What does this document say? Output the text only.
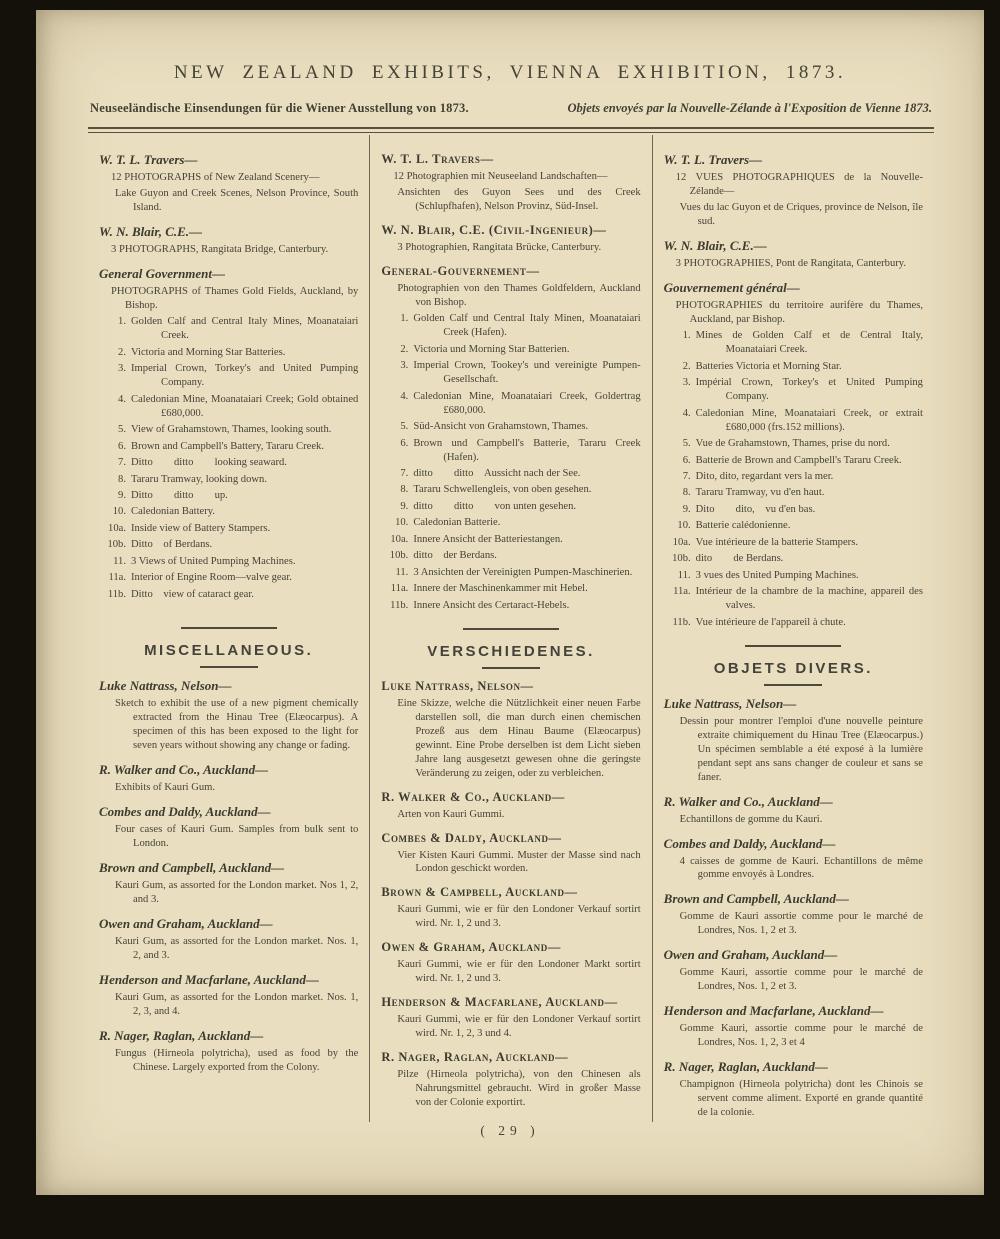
NEW ZEALAND EXHIBITS, VIENNA EXHIBITION, 1873.
Neuseeländische Einsendungen für die Wiener Ausstellung von 1873.	Objets envoyés par la Nouvelle-Zélande à l'Exposition de Vienne 1873.
W. T. L. Travers—
12 PHOTOGRAPHS of New Zealand Scenery—
Lake Guyon and Creek Scenes, Nelson Province, South Island.
W. N. Blair, C.E.—
3 PHOTOGRAPHS, Rangitata Bridge, Canterbury.
General Government—
PHOTOGRAPHS of Thames Gold Fields, Auckland, by Bishop.
1. Golden Calf and Central Italy Mines, Moanataiari Creek.
2. Victoria and Morning Star Batteries.
3. Imperial Crown, Torkey's and United Pumping Company.
4. Caledonian Mine, Moanataiari Creek; Gold obtained £680,000.
5. View of Grahamstown, Thames, looking south.
6. Brown and Campbell's Battery, Tararu Creek.
7. Ditto  ditto  looking seaward.
8. Tararu Tramway, looking down.
9. Ditto  ditto  up.
10. Caledonian Battery.
10a. Inside view of Battery Stampers.
10b. Ditto of Berdans.
11. 3 Views of United Pumping Machines.
11a. Interior of Engine Room—valve gear.
11b. Ditto view of cataract gear.
MISCELLANEOUS.
Luke Nattrass, Nelson—
Sketch to exhibit the use of a new pigment chemically extracted from the Hinau Tree (Elæocarpus). A specimen of this has been exposed to the light for seven years without showing any change or fading.
R. Walker and Co., Auckland—
Exhibits of Kauri Gum.
Combes and Daldy, Auckland—
Four cases of Kauri Gum. Samples from bulk sent to London.
Brown and Campbell, Auckland—
Kauri Gum, as assorted for the London market. Nos 1, 2, and 3.
Owen and Graham, Auckland—
Kauri Gum, as assorted for the London market. Nos. 1, 2, and 3.
Henderson and Macfarlane, Auckland—
Kauri Gum, as assorted for the London market. Nos. 1, 2, 3, and 4.
R. Nager, Raglan, Auckland—
Fungus (Hirneola polytricha), used as food by the Chinese. Largely exported from the Colony.
W. T. L. Travers—
12 Photographien mit Neuseeland Landschaften—
Ansichten des Guyon Sees und des Creek (Schlupfhafen), Nelson Provinz, Süd-Insel.
W. N. Blair, C.E. (Civil-Ingenieur)—
3 Photographien, Rangitata Brücke, Canterbury.
General-Gouvernement—
Photographien von den Thames Goldfeldern, Auckland von Bishop.
1. Golden Calf und Central Italy Minen, Moanataiari Creek (Hafen).
2. Victoria und Morning Star Batterien.
3. Imperial Crown, Tookey's und vereinigte Pumpen-Gesellschaft.
4. Caledonian Mine, Moanataiari Creek, Goldertrag £680,000.
5. Süd-Ansicht von Grahamstown, Thames.
6. Brown und Campbell's Batterie, Tararu Creek (Hafen).
7. ditto  ditto Aussicht nach der See.
8. Tararu Schwellengleis, von oben gesehen.
9. ditto  ditto  von unten gesehen.
10. Caledonian Batterie.
10a. Innere Ansicht der Batteriestangen.
10b. ditto der Berdans.
11. 3 Ansichten der Vereinigten Pumpen-Maschinerien.
11a. Innere der Maschinenkammer mit Hebel.
11b. Innere Ansicht des Certaract-Hebels.
VERSCHIEDENES.
Luke Nattrass, Nelson—
Eine Skizze, welche die Nützlichkeit einer neuen Farbe darstellen soll, die man durch einen chemischen Prozeß aus dem Hinau Baume (Elæocarpus) gewinnt. Eine Probe derselben ist dem Licht sieben Jahre lang ausgesetzt gewesen ohne die geringste Veränderung zu zeigen, oder zu verbleichen.
R. Walker & Co., Auckland—
Arten von Kauri Gummi.
Combes & Daldy, Auckland—
Vier Kisten Kauri Gummi. Muster der Masse sind nach London geschickt worden.
Brown & Campbell, Auckland—
Kauri Gummi, wie er für den Londoner Verkauf sortirt wird. Nr. 1, 2 und 3.
Owen & Graham, Auckland—
Kauri Gummi, wie er für den Londoner Markt sortirt wird. Nr. 1, 2 und 3.
Henderson & Macfarlane, Auckland—
Kauri Gummi, wie er für den Londoner Verkauf sortirt wird. Nr. 1, 2, 3 und 4.
R. Nager, Raglan, Auckland—
Pilze (Hirneola polytricha), von den Chinesen als Nahrungsmittel gebraucht. Wird in großer Masse von der Colonie exportirt.
W. T. L. Travers—
12 VUES PHOTOGRAPHIQUES de la Nouvelle-Zélande—
Vues du lac Guyon et de Criques, province de Nelson, île sud.
W. N. Blair, C.E.—
3 PHOTOGRAPHIES, Pont de Rangitata, Canterbury.
Gouvernement général—
PHOTOGRAPHIES du territoire aurifère du Thames, Auckland, par Bishop.
1. Mines de Golden Calf et de Central Italy, Moanataiari Creek.
2. Batteries Victoria et Morning Star.
3. Impérial Crown, Torkey's et United Pumping Company.
4. Caledonian Mine, Moanataiari Creek, or extrait £680,000 (frs.152 millions).
5. Vue de Grahamstown, Thames, prise du nord.
6. Batterie de Brown and Campbell's Tararu Creek.
7. Dito, dito, regardant vers la mer.
8. Tararu Tramway, vu d'en haut.
9. Dito  dito, vu d'en bas.
10. Batterie calédonienne.
10a. Vue intérieure de la batterie Stampers.
10b. dito  de Berdans.
11. 3 vues des United Pumping Machines.
11a. Intérieur de la chambre de la machine, appareil des valves.
11b. Vue intérieure de l'appareil à chute.
OBJETS DIVERS.
Luke Nattrass, Nelson—
Dessin pour montrer l'emploi d'une nouvelle peinture extraite chimiquement du Hinau Tree (Elæocarpus.) Un spécimen semblable a été exposé à la lumière pendant sept ans sans changer de couleur et sans se faner.
R. Walker and Co., Auckland—
Echantillons de gomme du Kauri.
Combes and Daldy, Auckland—
4 caisses de gomme de Kauri. Echantillons de même gomme envoyés à Londres.
Brown and Campbell, Auckland—
Gomme de Kauri assortie comme pour le marché de Londres, Nos. 1, 2 et 3.
Owen and Graham, Auckland—
Gomme Kauri, assortie comme pour le marché de Londres, Nos. 1, 2 et 3.
Henderson and Macfarlane, Auckland—
Gomme Kauri, assortie comme pour le marché de Londres, Nos. 1, 2, 3 et 4
R. Nager, Raglan, Auckland—
Champignon (Hirneola polytricha) dont les Chinois se servent comme aliment. Exporté en grande quantité de la colonie.
( 29 )
